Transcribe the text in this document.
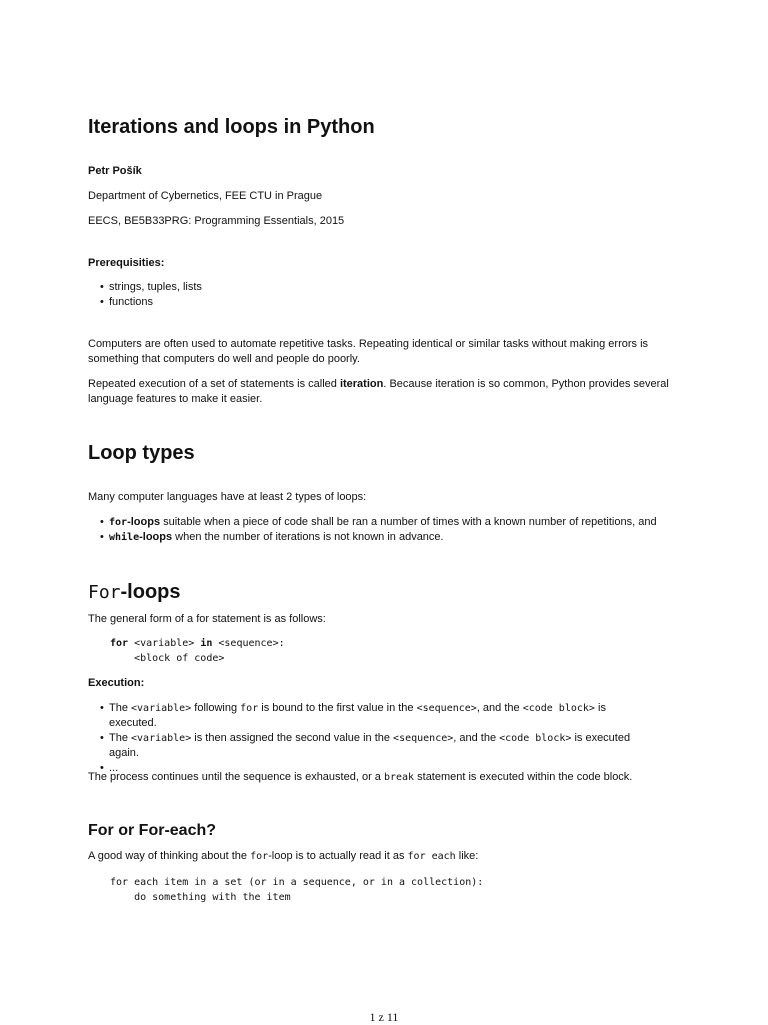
Iterations and loops in Python
Petr Pošík
Department of Cybernetics, FEE CTU in Prague
EECS, BE5B33PRG: Programming Essentials, 2015
Prerequisities:
• strings, tuples, lists
• functions
Computers are often used to automate repetitive tasks. Repeating identical or similar tasks without making errors is something that computers do well and people do poorly.
Repeated execution of a set of statements is called iteration. Because iteration is so common, Python provides several language features to make it easier.
Loop types
Many computer languages have at least 2 types of loops:
• for-loops suitable when a piece of code shall be ran a number of times with a known number of repetitions, and
• while-loops when the number of iterations is not known in advance.
For-loops
The general form of a for statement is as follows:
for <variable> in <sequence>:
<block of code>
Execution:
• The <variable> following for is bound to the first value in the <sequence>, and the <code block> is executed.
• The <variable> is then assigned the second value in the <sequence>, and the <code block> is executed again.
• ...
The process continues until the sequence is exhausted, or a break statement is executed within the code block.
For or For-each?
A good way of thinking about the for-loop is to actually read it as for each like:
for each item in a set (or in a sequence, or in a collection):
do something with the item
1 z 11
